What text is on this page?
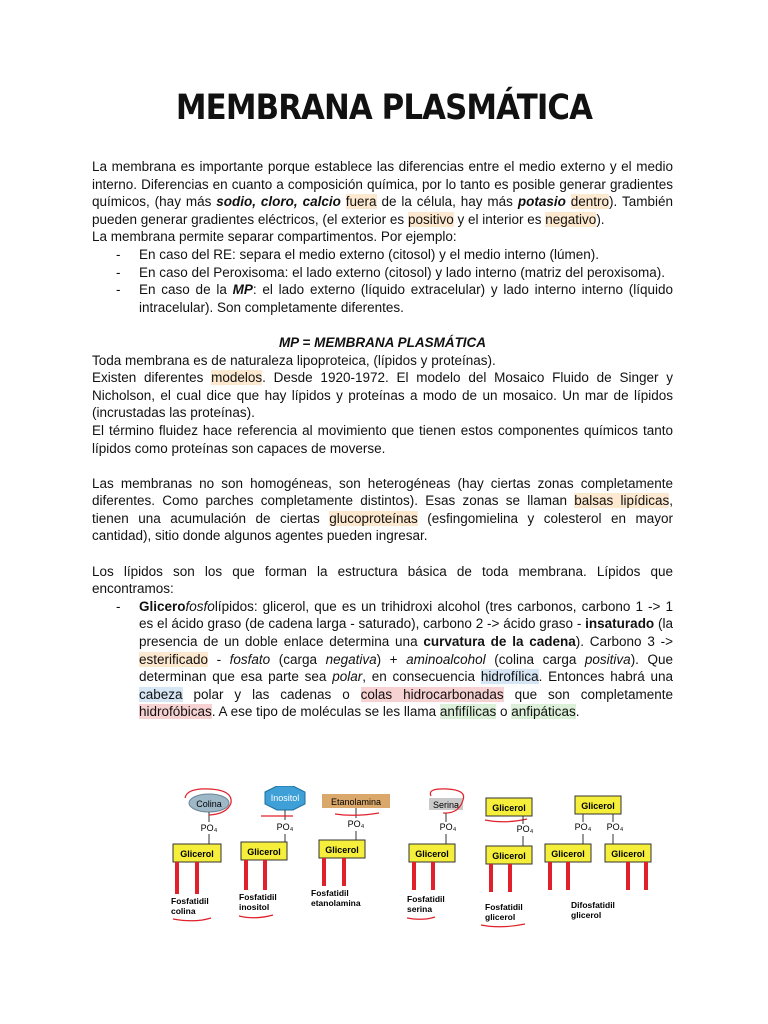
MEMBRANA PLASMÁTICA

La membrana es importante porque establece las diferencias entre el medio externo y el medio interno. Diferencias en cuanto a composición química, por lo tanto es posible generar gradientes químicos, (hay más sodio, cloro, calcio fuera de la célula, hay más potasio dentro). También pueden generar gradientes eléctricos, (el exterior es positivo y el interior es negativo).

La membrana permite separar compartimentos. Por ejemplo:

- En caso del RE: separa el medio externo (citosol) y el medio interno (lúmen).
- En caso del Peroxisoma: el lado externo (citosol) y lado interno (matriz del peroxisoma).
- En caso de la MP: el lado externo (líquido extracelular) y lado interno interno (líquido intracelular). Son completamente diferentes.

MP = MEMBRANA PLASMÁTICA

Toda membrana es de naturaleza lipoproteica, (lípidos y proteínas).

Existen diferentes modelos. Desde 1920-1972. El modelo del Mosaico Fluido de Singer y Nicholson, el cual dice que hay lípidos y proteínas a modo de un mosaico. Un mar de lípidos (incrustadas las proteínas).

El término fluidez hace referencia al movimiento que tienen estos componentes químicos tanto lípidos como proteínas son capaces de moverse.

Las membranas no son homogéneas, son heterogéneas (hay ciertas zonas completamente diferentes. Como parches completamente distintos). Esas zonas se llaman balsas lipídicas, tienen una acumulación de ciertas glucoproteínas (esfingomielina y colesterol en mayor cantidad), sitio donde algunos agentes pueden ingresar.

Los lípidos son los que forman la estructura básica de toda membrana. Lípidos que encontramos:

- Glicerofosfolípidos: glicerol, que es un trihidroxi alcohol (tres carbonos, carbono 1 -> 1 es el ácido graso (de cadena larga - saturado), carbono 2 -> ácido graso - insaturado (la presencia de un doble enlace determina una curvatura de la cadena). Carbono 3 -> esterificado - fosfato (carga negativa) + aminoalcohol (colina carga positiva). Que determinan que esa parte sea polar, en consecuencia hidrofílica. Entonces habrá una cabeza polar y las cadenas o colas hidrocarbonadas que son completamente hidrofóbicas. A ese tipo de moléculas se les llama anfifílicas o anfipáticas.
Colina
PO₄
Glicerol
Fosfatidil
colina
Inositol
PO₄
Glicerol
Fosfatidil
inositol
Etanolamina
PO₄
Glicerol
Fosfatidil
etanolamina
Serina
PO₄
Glicerol
Fosfatidil
serina
Glicerol
PO₄
Glicerol
Fosfatidil
glicerol
Glicerol
PO₄ PO₄
Glicerol	Glicerol
Difosfatidil
glicerol
